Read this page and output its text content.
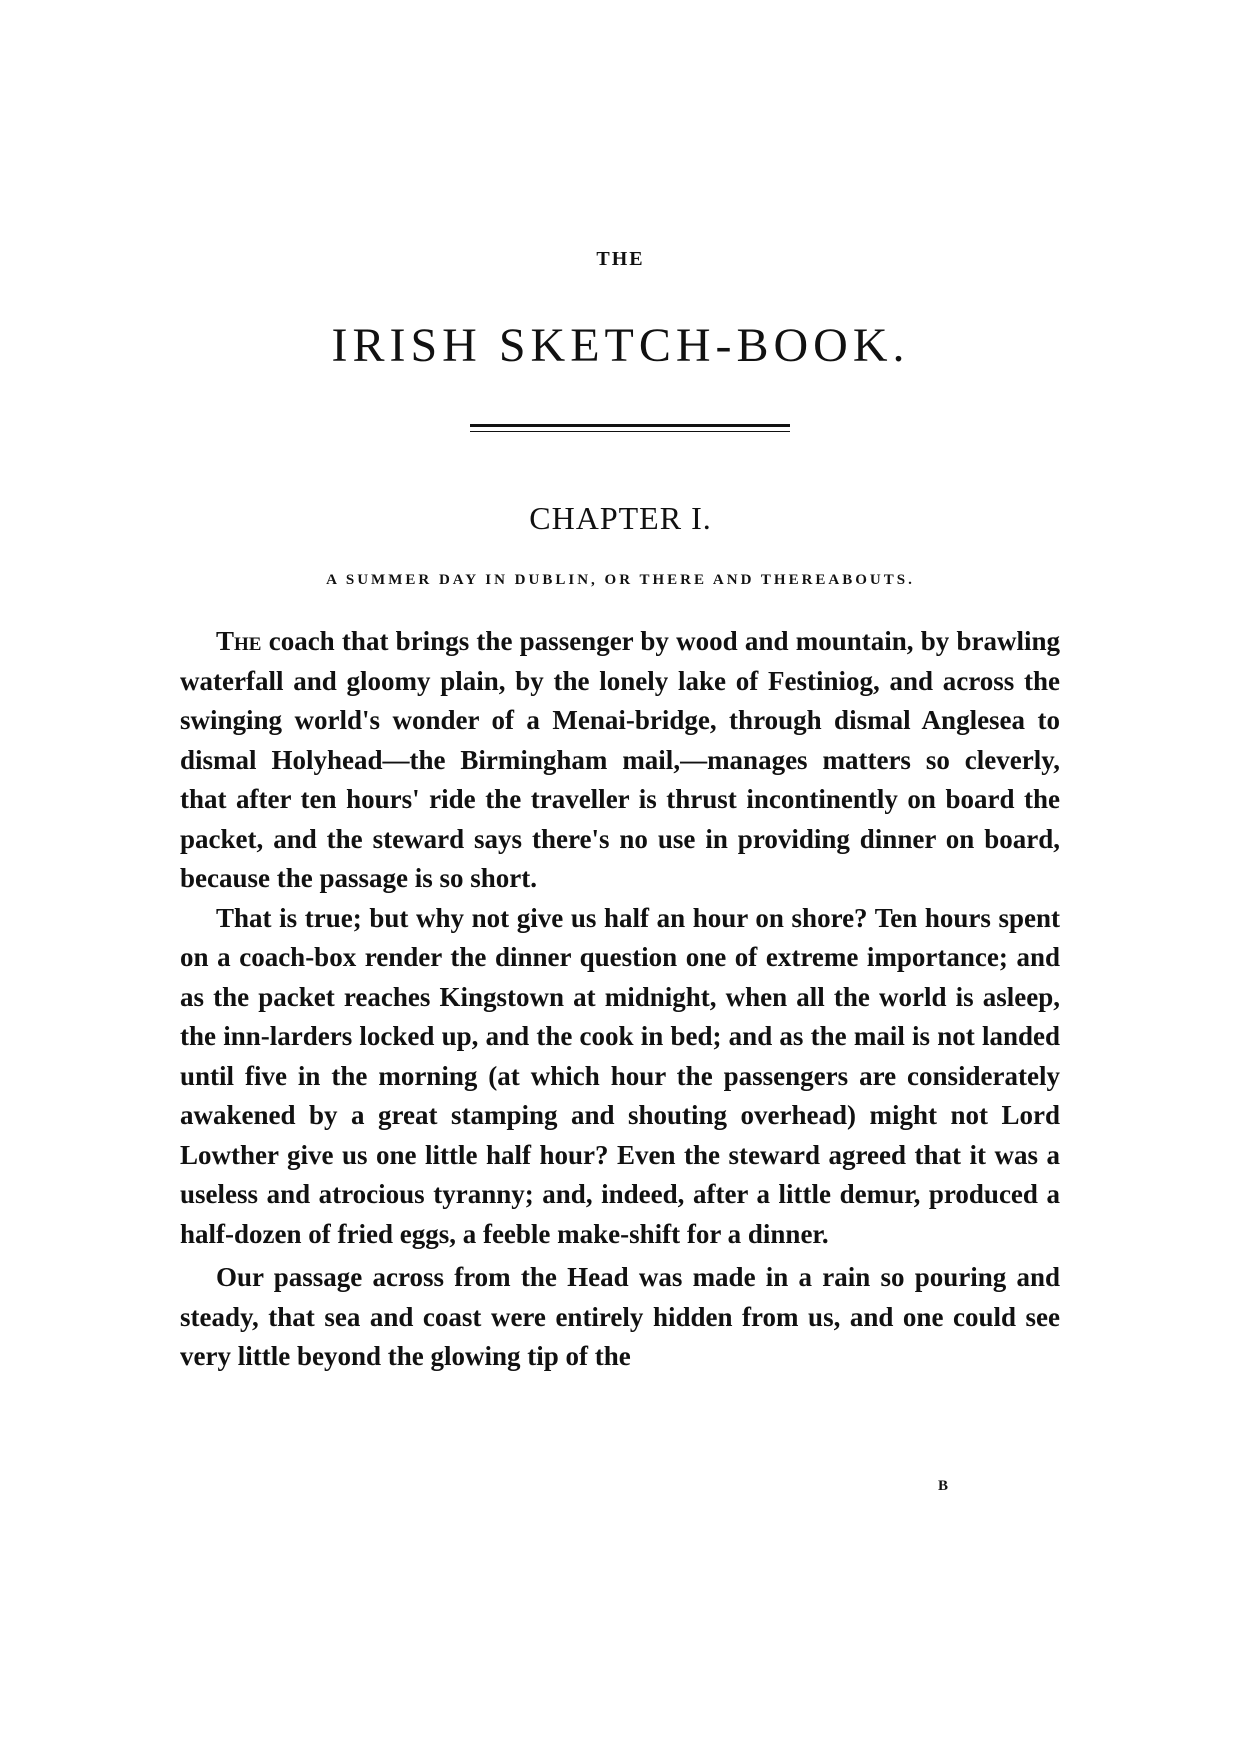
THE
IRISH SKETCH-BOOK.
CHAPTER I.
A SUMMER DAY IN DUBLIN, OR THERE AND THEREABOUTS.

The coach that brings the passenger by wood and mountain, by brawling waterfall and gloomy plain, by the lonely lake of Festiniog, and across the swinging world's wonder of a Menai-bridge, through dismal Anglesea to dismal Holyhead—the Birmingham mail,—manages matters so cleverly, that after ten hours' ride the traveller is thrust incontinently on board the packet, and the steward says there's no use in providing dinner on board, because the passage is so short.

That is true; but why not give us half an hour on shore? Ten hours spent on a coach-box render the dinner question one of extreme importance; and as the packet reaches Kingstown at midnight, when all the world is asleep, the inn-larders locked up, and the cook in bed; and as the mail is not landed until five in the morning (at which hour the passengers are considerately awakened by a great stamping and shouting overhead) might not Lord Lowther give us one little half hour? Even the steward agreed that it was a useless and atrocious tyranny; and, indeed, after a little demur, produced a half-dozen of fried eggs, a feeble make-shift for a dinner.

Our passage across from the Head was made in a rain so pouring and steady, that sea and coast were entirely hidden from us, and one could see very little beyond the glowing tip of the

B
